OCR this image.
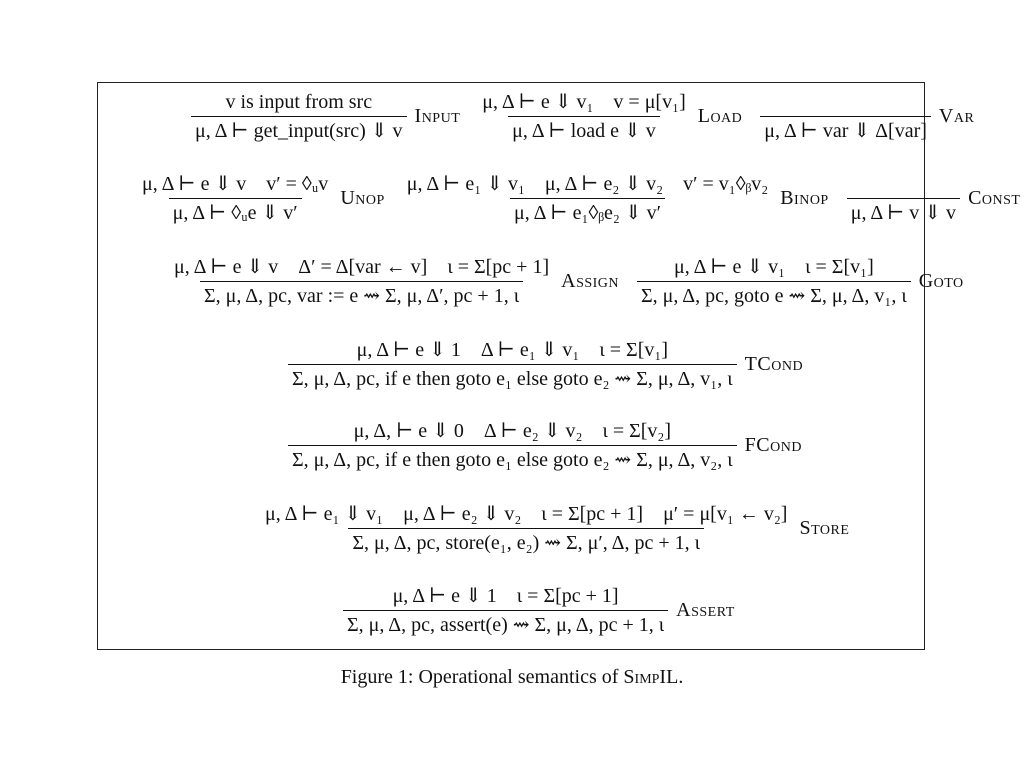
$\frac{\text{v is input from src}}{\text{μ, Δ ⊢ get\_input(src) ⇓ v}}$ Input $\frac{\text{μ, Δ ⊢ e ⇓ v₁    v = μ[v₁]}}{\text{μ, Δ ⊢ load e ⇓ v}}$ Load
μ, Δ ⊢ var ⇓ Δ[var]
Var
$\frac{\text{μ, Δ ⊢ e ⇓ v    v′ = ◊ᵤv}}{\text{μ, Δ ⊢ ◊ᵤe ⇓ v′}}$ Unop $\frac{\text{μ, Δ ⊢ e₁ ⇓ v₁    μ, Δ ⊢ e₂ ⇓ v₂    v′ = v₁◊ᵦv₂}}{\text{μ, Δ ⊢ e₁◊ᵦe₂ ⇓ v′}}$ Binop
μ, Δ ⊢ v ⇓ v
Const
$\frac{\text{μ, Δ ⊢ e ⇓ v    Δ′ = Δ[var ← v]    ι = Σ[pc + 1]}}{\text{Σ, μ, Δ, pc, var := e ⇝ Σ, μ, Δ′, pc + 1, ι}}$ Assign $\frac{\text{μ, Δ ⊢ e ⇓ v₁    ι = Σ[v₁]}}{\text{Σ, μ, Δ, pc, goto e ⇝ Σ, μ, Δ, v₁, ι}}$ Goto
$\frac{\text{μ, Δ ⊢ e ⇓ 1    Δ ⊢ e₁ ⇓ v₁    ι = Σ[v₁]}}{\text{Σ, μ, Δ, pc, if e then goto e₁ else goto e₂ ⇝ Σ, μ, Δ, v₁, ι}}$ TCond
$\frac{\text{μ, Δ, ⊢ e ⇓ 0    Δ ⊢ e₂ ⇓ v₂    ι = Σ[v₂]}}{\text{Σ, μ, Δ, pc, if e then goto e₁ else goto e₂ ⇝ Σ, μ, Δ, v₂, ι}}$ FCond
μ, Δ ⊢ e₁ ⇓ v₁    μ, Δ ⊢ e₂ ⇓ v₂    ι = Σ[pc + 1]    μ′ = μ[v₁ ← v₂]
Σ, μ, Δ, pc, store(e₁, e₂) ⇝ Σ, μ′, Δ, pc + 1, ι
Store
$\frac{\mu, \Delta ⊢ e ⇓ 1 \iota = \Sigma[pc + 1]}{\text{Σ, μ, Δ, pc, assert(e) ⇝ Σ, μ, Δ, pc + 1, ι}}$ Assert
Figure 1: Operational semantics of SimpIL.
